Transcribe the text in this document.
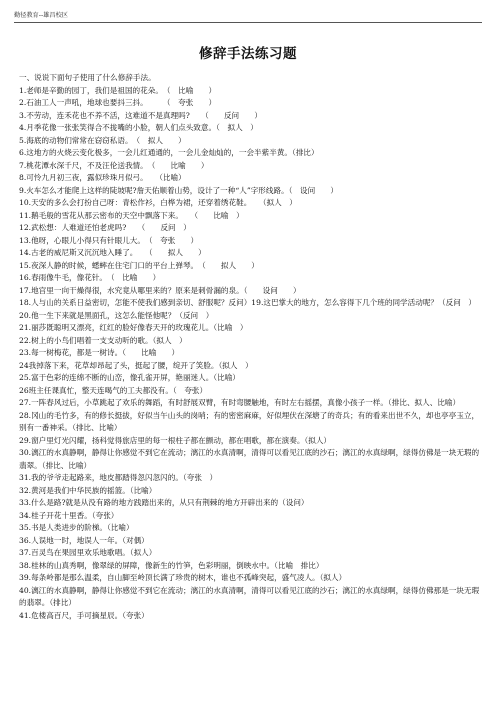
勤径教育--雄昌校区
修辞手法练习题

一、说说下面句子使用了什么修辞手法。

1.老师是辛勤的园丁，我们是祖国的花朵。　（　比喻　　）

2.石油工人一声吼，地球也要抖三抖。　　　（　夸张　　）

3.不劳动，连禾花也不养不活，这难道不是真理吗?　　（　　反问　　）

4.月季花像一张张笑得合不拢嘴的小脸，朝人们点头致意。（　拟人　）

5.海底的动物们常常在窃窃私语。　（　拟人　　）

6.这地方的火烧云变化极多，一会儿红通通的，一会儿金灿灿的，一会半紫半黄。（排比）

7.桃花潭水深千尺，不及汪伦送我情。　（　　比喻　　）

8.可怜九月初三夜，露似珍珠月似弓。　　（比喻）

9.火车怎么才能爬上这样的陡坡呢?詹天佑顺着山势，设计了一种“人”字形线路。（　设问　　）

10.天安的多么会打扮自己呀：青松作衫，白桦为裙，还穿着绣花鞋。　　（拟人　）

11.鹅毛般的雪花从那云密布的天空中飘落下来。　　（　　比喻　）

12.武松想：人难道还怕老虎吗?　　（　　反问　）

13.他呀，心眼儿小得只有针眼儿大。　（　夸张　　）

14.古老的威尼斯又沉沉地入睡了。　　（　　拟人　　）

15.夜深人静的时候，蟋蟀在住宅门口的平台上弹琴。　（　　拟人　　）

16.春雨像牛毛，像花针。　（　比喻　　）

17.地宫里一向干燥得很，水究竟从哪里来的？原来是刺骨漏的泉。（　　设问　　）

18.人与山的关系日益密切，怎能不使我们感到亲切、舒服呢？反问）19.这巴掌大的地方，怎么容得下几个班的同学活动呢？（反问　）

20.他一生下来就是黑面孔，这怎么能怪他呢？（反问　）

21.丽莎既聪明又漂亮，红红的脸好像春天开的玫瑰花儿。（比喻　）

22.树上的小鸟们唱着一支支动听的歌。（拟人　）

23.每一树梅花，都是一树诗。（　　比喻　　）

24我掉落下来，花草却昂起了头，挺起了腰，绽开了笑脸。（拟人　）

25.富于色彩的连绵不断的山峦，像孔雀开屏，艳丽迷人。（比喻）

26班主任课真忙，整天连喝气的工夫都没有。（　夸张）

27.一阵春风过后，小草跳起了欢乐的舞蹈，有时舒展双臂，有时弯腰触地，有时左右摇摆，真像小孩子一样。（排比、拟人、比喻）

28.冈山的毛竹多，有的修长挺拔，好似当午山头的岗哨；有的密密麻麻，好似埋伏在深塘了的奇兵；有的看来出世不久，却也亭亭玉立，别有一番神采。（排比、比喻）

29.窗户里灯光闪耀，扬科觉得旅店里的每一根柱子都在颤动，都在唱歌，都在演奏。（拟人）

30.漓江的水真静啊，静得让你感觉不到它在流动；漓江的水真清啊，清得可以看见江底的沙石；漓江的水真绿啊，绿得仿佛是一块无瑕的翡翠。（排比、比喻）

31.我的爷爷走起路来，地皮都踏得忽闪忽闪的。（夸张　）

32.黄河是我们中华民族的摇篮。（比喻）

33.什么是路?就是从没有路的地方践踏出来的，从只有荆棘的地方开辟出来的（设问）

34.桂子开花十里香。（夸张）

35.书是人类进步的阶梯。（比喻）

36.人误地一时，地误人一年。（对偶）

37.百灵鸟在果园里欢乐地歌唱。（拟人）

38.桂林的山真秀啊，像翠绿的屏障，像新生的竹笋，色彩明丽，倒映水中。（比喻　排比）

39.每条岭都是那么温柔，自山脚至岭顶长满了珍贵的树木，谁也不孤峰突起，盛气凌人。（拟人）

40.漓江的水真静啊，静得让你感觉不到它在流动；漓江的水真清啊，清得可以看见江底的沙石；漓江的水真绿啊，绿得仿佛那是一块无瑕的翡翠。（排比）

41.危楼高百尺，手可摘星辰。（夸张）
